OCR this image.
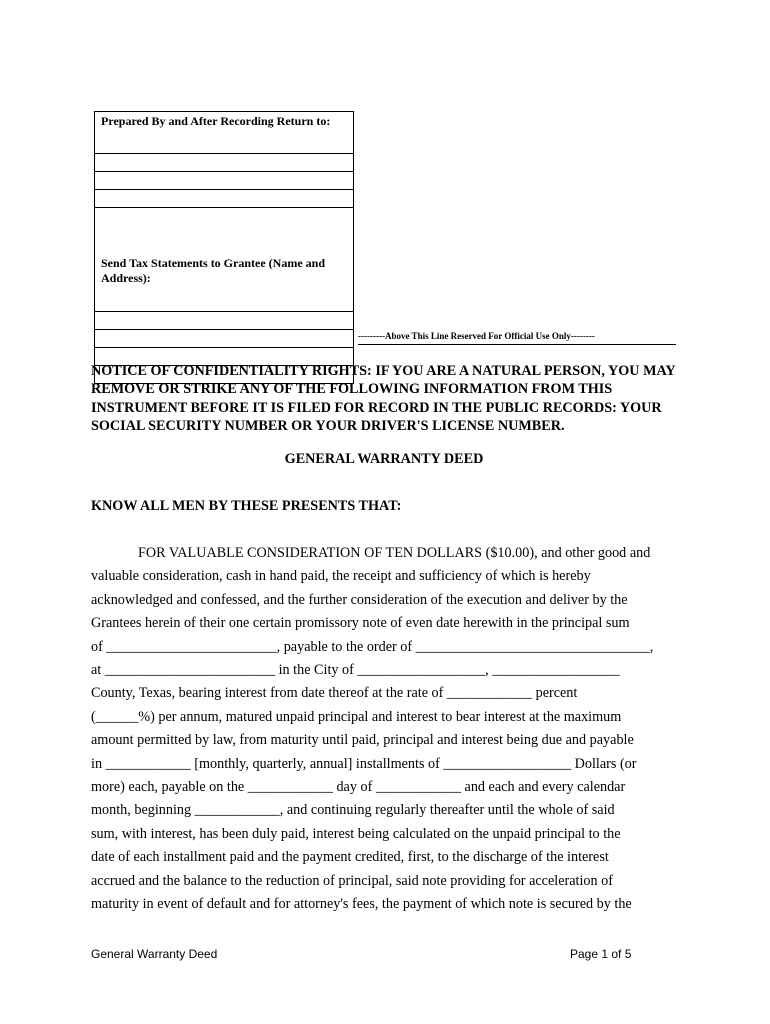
Prepared By and After Recording Return to:
Send Tax Statements to Grantee (Name and Address):
---------Above This Line Reserved For Official Use Only--------
NOTICE OF CONFIDENTIALITY RIGHTS: IF YOU ARE A NATURAL PERSON, YOU MAY REMOVE OR STRIKE ANY OF THE FOLLOWING INFORMATION FROM THIS INSTRUMENT BEFORE IT IS FILED FOR RECORD IN THE PUBLIC RECORDS: YOUR SOCIAL SECURITY NUMBER OR YOUR DRIVER'S LICENSE NUMBER.
GENERAL WARRANTY DEED
KNOW ALL MEN BY THESE PRESENTS THAT:
FOR VALUABLE CONSIDERATION OF TEN DOLLARS ($10.00), and other good and
valuable consideration, cash in hand paid, the receipt and sufficiency of which is hereby
acknowledged and confessed, and the further consideration of the execution and deliver by the
Grantees herein of their one certain promissory note of even date herewith in the principal sum
of ________________________, payable to the order of _________________________________,
at ________________________ in the City of __________________, __________________
County, Texas, bearing interest from date thereof at the rate of ____________ percent
(______%) per annum, matured unpaid principal and interest to bear interest at the maximum
amount permitted by law, from maturity until paid, principal and interest being due and payable
in ____________ [monthly, quarterly, annual] installments of __________________ Dollars (or
more) each, payable on the ____________ day of ____________ and each and every calendar
month, beginning ____________, and continuing regularly thereafter until the whole of said
sum, with interest, has been duly paid, interest being calculated on the unpaid principal to the
date of each installment paid and the payment credited, first, to the discharge of the interest
accrued and the balance to the reduction of principal, said note providing for acceleration of
maturity in event of default and for attorney's fees, the payment of which note is secured by the
General Warranty Deed	Page 1 of 5
